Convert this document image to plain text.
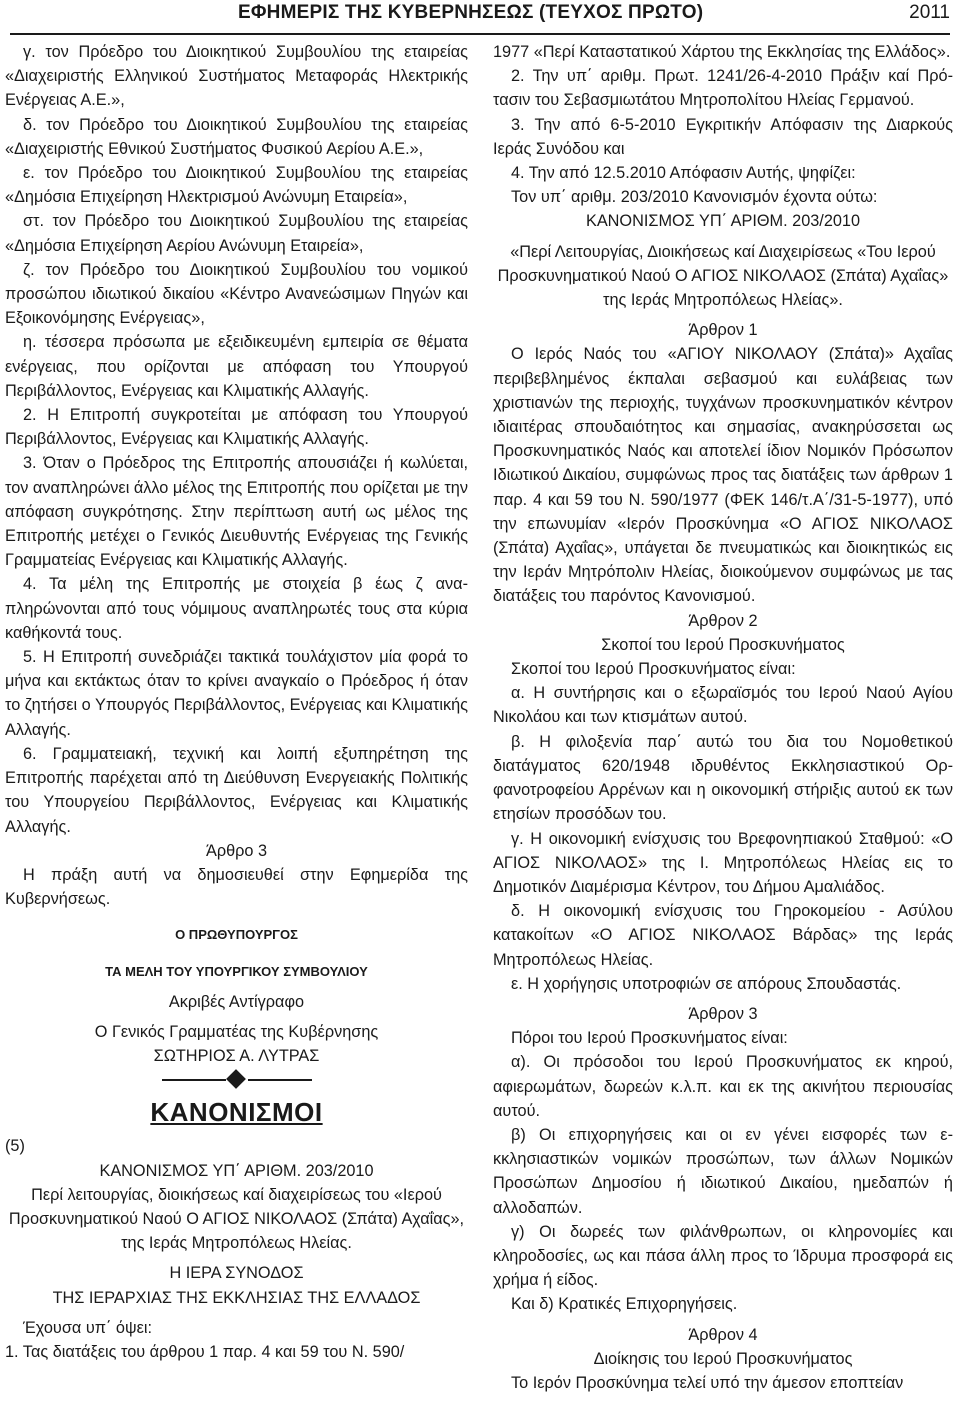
ΕΦΗΜΕΡΙΣ ΤΗΣ ΚΥΒΕΡΝΗΣΕΩΣ (ΤΕΥΧΟΣ ΠΡΩΤΟ)	2011

γ. τον Πρόεδρο του Διοικητικού Συμβουλίου της εταιρείας «Διαχειριστής Ελληνικού Συστήματος Μεταφοράς Ηλεκτρικής Ενέργειας Α.Ε.»,

δ. τον Πρόεδρο του Διοικητικού Συμβουλίου της εταιρείας «Διαχειριστής Εθνικού Συστήματος Φυσικού Αερίου Α.Ε.»,

ε. τον Πρόεδρο του Διοικητικού Συμβουλίου της εταιρείας «Δημόσια Επιχείρηση Ηλεκτρισμού Ανώνυμη Εταιρεία»,

στ. τον Πρόεδρο του Διοικητικού Συμβουλίου της εταιρείας «Δημόσια Επιχείρηση Αερίου Ανώνυμη Εταιρεία»,

ζ. τον Πρόεδρο του Διοικητικού Συμβουλίου του νομικού προσώπου ιδιωτικού δικαίου «Κέντρο Ανανεώσιμων Πηγών και Εξοικονόμησης Ενέργειας»,

η. τέσσερα πρόσωπα με εξειδικευμένη εμπειρία σε θέματα ενέργειας, που ορίζονται με απόφαση του Υπουργού Περιβάλλοντος, Ενέργειας και Κλιματικής Αλλαγής.

2. Η Επιτροπή συγκροτείται με απόφαση του Υπουργού Περιβάλλοντος, Ενέργειας και Κλιματικής Αλλαγής.

3. Όταν ο Πρόεδρος της Επιτροπής απουσιάζει ή κωλύεται, τον αναπληρώνει άλλο μέλος της Επιτροπής που ορίζεται με την απόφαση συγκρότησης. Στην περίπτωση αυτή ως μέλος της Επιτροπής μετέχει ο Γενικός Διευθυντής Ενέργειας της Γενικής Γραμματείας Ενέργειας και Κλιματικής Αλλαγής.

4. Τα μέλη της Επιτροπής με στοιχεία β έως ζ αναπληρώνονται από τους νόμιμους αναπληρωτές τους στα κύρια καθήκοντά τους.

5. Η Επιτροπή συνεδριάζει τακτικά τουλάχιστον μία φορά το μήνα και εκτάκτως όταν το κρίνει αναγκαίο ο Πρόεδρος ή όταν το ζητήσει ο Υπουργός Περιβάλλοντος, Ενέργειας και Κλιματικής Αλλαγής.

6. Γραμματειακή, τεχνική και λοιπή εξυπηρέτηση της Επιτροπής παρέχεται από τη Διεύθυνση Ενεργειακής Πολιτικής του Υπουργείου Περιβάλλοντος, Ενέργειας και Κλιματικής Αλλαγής.

Άρθρο 3

Η πράξη αυτή να δημοσιευθεί στην Εφημερίδα της Κυβερνήσεως.

Ο ΠΡΩΘΥΠΟΥΡΓΟΣ

ΤΑ ΜΕΛΗ ΤΟΥ ΥΠΟΥΡΓΙΚΟΥ ΣΥΜΒΟΥΛΙΟΥ

Ακριβές Αντίγραφο

Ο Γενικός Γραμματέας της Κυβέρνησης

ΣΩΤΗΡΙΟΣ Α. ΛΥΤΡΑΣ

ΚΑΝΟΝΙΣΜΟΙ

(5)

ΚΑΝΟΝΙΣΜΟΣ ΥΠ΄ ΑΡΙΘΜ. 203/2010

Περί λειτουργίας, διοικήσεως καί διαχειρίσεως του «Ιερού Προσκυνηματικού Ναού Ο ΑΓΙΟΣ ΝΙΚΟΛΑΟΣ (Σπάτα) Αχαΐας», της Ιεράς Μητροπόλεως Ηλείας.

Η ΙΕΡΑ ΣΥΝΟΔΟΣ

ΤΗΣ ΙΕΡΑΡΧΙΑΣ ΤΗΣ ΕΚΚΛΗΣΙΑΣ ΤΗΣ ΕΛΛΑΔΟΣ

Έχουσα υπ΄ όψει:

1. Τας διατάξεις του άρθρου 1 παρ. 4 και 59 του Ν. 590/

1977 «Περί Καταστατικού Χάρτου της Εκκλησίας της Ελλάδος».

2. Την υπ΄ αριθμ. Πρωτ. 1241/26-4-2010 Πράξιν καί Πρότασιν του Σεβασμιωτάτου Μητροπολίτου Ηλείας Γερμανού.

3. Την από 6-5-2010 Εγκριτικήν Απόφασιν της Διαρκούς Ιεράς Συνόδου και

4. Την από 12.5.2010 Απόφασιν Αυτής, ψηφίζει:

Τον υπ΄ αριθμ. 203/2010 Κανονισμόν έχοντα ούτω:

ΚΑΝΟΝΙΣΜΟΣ ΥΠ΄ ΑΡΙΘΜ. 203/2010

«Περί Λειτουργίας, Διοικήσεως καί Διαχειρίσεως «Του Ιερού Προσκυνηματικού Ναού Ο ΑΓΙΟΣ ΝΙΚΟΛΑΟΣ (Σπάτα) Αχαΐας» της Ιεράς Μητροπόλεως Ηλείας».

Άρθρον 1

Ο Ιερός Ναός του «ΑΓΙΟΥ ΝΙΚΟΛΑΟΥ (Σπάτα)» Αχαΐας περιβεβλημένος έκπαλαι σεβασμού και ευλάβειας των χριστιανών της περιοχής, τυγχάνων προσκυνηματικόν κέντρον ιδιαιτέρας σπουδαιότητος και σημασίας, ανακηρύσσεται ως Προσκυνηματικός Ναός και αποτελεί ίδιον Νομικόν Πρόσωπον Ιδιωτικού Δικαίου, συμφώνως προς τας διατάξεις των άρθρων 1 παρ. 4 και 59 του Ν. 590/1977 (ΦΕΚ 146/τ.Α΄/31-5-1977), υπό την επωνυμίαν «Ιερόν Προσκύνημα «Ο ΑΓΙΟΣ ΝΙΚΟΛΑΟΣ (Σπάτα) Αχαΐας», υπάγεται δε πνευματικώς και διοικητικώς εις την Ιεράν Μητρόπολιν Ηλείας, διοικούμενον συμφώνως με τας διατάξεις του παρόντος Κανονισμού.

Άρθρον 2

Σκοποί του Ιερού Προσκυνήματος

Σκοποί του Ιερού Προσκυνήματος είναι:

α. Η συντήρησις και ο εξωραϊσμός του Ιερού Ναού Αγίου Νικολάου και των κτισμάτων αυτού.

β. Η φιλοξενία παρ΄ αυτώ του δια του Νομοθετικού διατάγματος 620/1948 ιδρυθέντος Εκκλησιαστικού Ορφανοτροφείου Αρρένων και η οικονομική στήριξις αυτού εκ των ετησίων προσόδων του.

γ. Η οικονομική ενίσχυσις του Βρεφονηπιακού Σταθμού: «Ο ΑΓΙΟΣ ΝΙΚΟΛΑΟΣ» της Ι. Μητροπόλεως Ηλείας εις το Δημοτικόν Διαμέρισμα Κέντρον, του Δήμου Αμαλιάδος.

δ. Η οικονομική ενίσχυσις του Γηροκομείου - Ασύλου κατακοίτων «Ο ΑΓΙΟΣ ΝΙΚΟΛΑΟΣ Βάρδας» της Ιεράς Μητροπόλεως Ηλείας.

ε. Η χορήγησις υποτροφιών σε απόρους Σπουδαστάς.

Άρθρον 3

Πόροι του Ιερού Προσκυνήματος είναι:

α). Οι πρόσοδοι του Ιερού Προσκυνήματος εκ κηρού, αφιερωμάτων, δωρεών κ.λ.π. και εκ της ακινήτου περιουσίας αυτού.

β) Οι επιχορηγήσεις και οι εν γένει εισφορές των εκκλησιαστικών νομικών προσώπων, των άλλων Νομικών Προσώπων Δημοσίου ή ιδιωτικού Δικαίου, ημεδαπών ή αλλοδαπών.

γ) Οι δωρεές των φιλάνθρωπων, οι κληρονομίες και κληροδοσίες, ως και πάσα άλλη προς το Ίδρυμα προσφορά εις χρήμα ή είδος.

Και δ) Κρατικές Επιχορηγήσεις.

Άρθρον 4

Διοίκησις του Ιερού Προσκυνήματος

Το Ιερόν Προσκύνημα τελεί υπό την άμεσον εποπτείαν
